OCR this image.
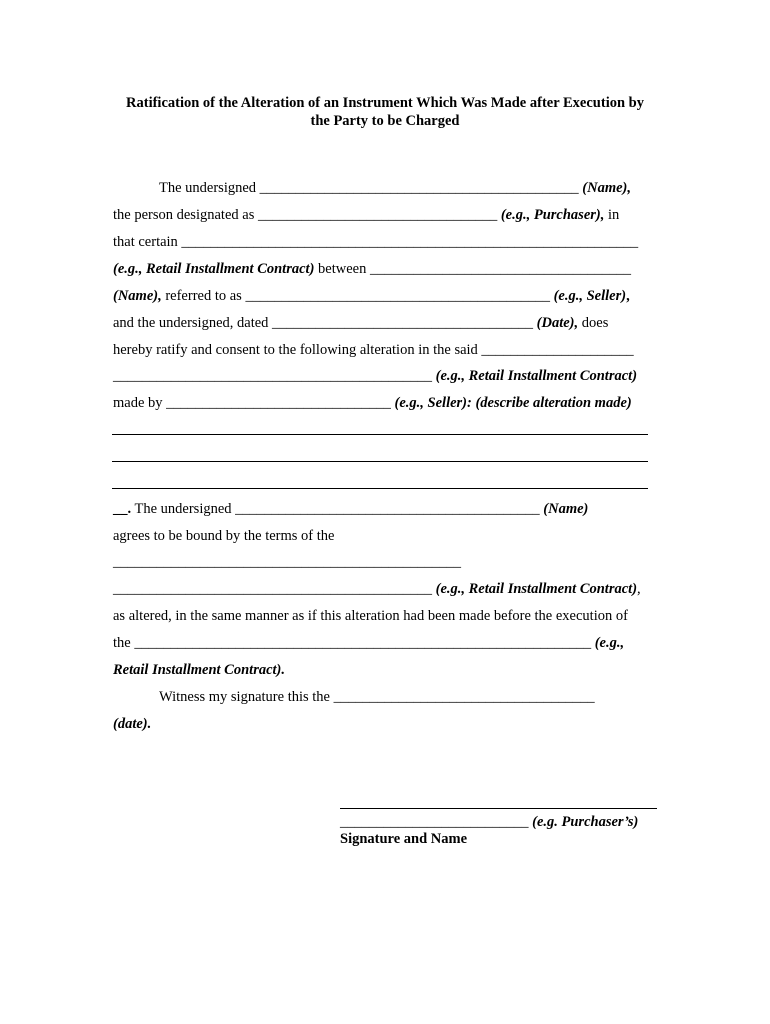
Ratification of the Alteration of an Instrument Which Was Made after Execution by
the Party to be Charged
The undersigned ____________________________________________ (Name),
the person designated as _________________________________ (e.g., Purchaser), in
that certain _______________________________________________________________
(e.g., Retail Installment Contract) between ____________________________________
(Name), referred to as __________________________________________ (e.g., Seller),
and the undersigned, dated ____________________________________ (Date), does
hereby ratify and consent to the following alteration in the said _____________________
____________________________________________ (e.g., Retail Installment Contract)
made by _______________________________ (e.g., Seller): (describe alteration made)
__. The undersigned __________________________________________ (Name)
agrees to be bound by the terms of the
________________________________________________
____________________________________________ (e.g., Retail Installment Contract),
as altered, in the same manner as if this alteration had been made before the execution of
the _______________________________________________________________ (e.g.,
Retail Installment Contract).
Witness my signature this the ____________________________________
(date).
__________________________ (e.g. Purchaser’s)
Signature and Name
